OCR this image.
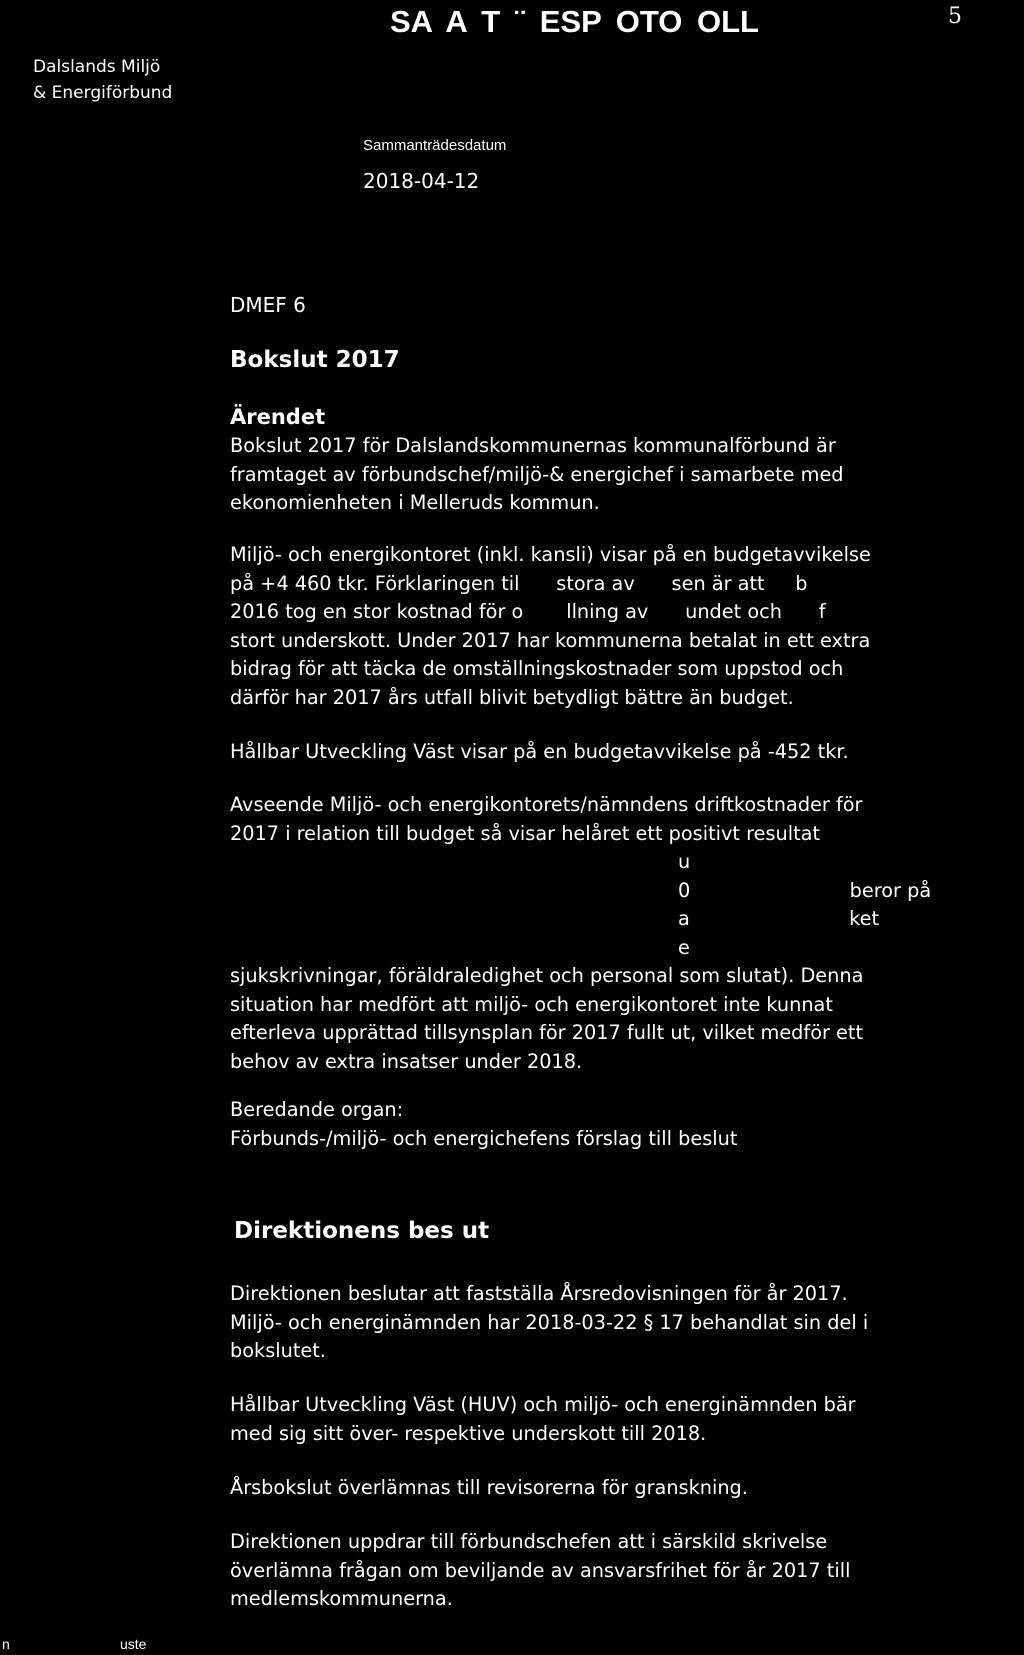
SA A T ¨ ESP OTO OLL	5
Dalslands Miljö
& Energiförbund
Sammanträdesdatum
2018-04-12
DMEF 6
Bokslut 2017
Ärendet
Bokslut 2017 för Dalslandskommunernas kommunalförbund är
framtaget av förbundschef/miljö-& energichef i samarbete med
ekonomienheten i Melleruds kommun.
Miljö- och energikontoret (inkl. kansli) visar på en budgetavvikelse
på +4 460 tkr. Förklaringen til      stora av      sen är att     b
2016 tog en stor kostnad för o       llning av      undet och      f
stort underskott. Under 2017 har kommunerna betalat in ett extra
bidrag för att täcka de omställningskostnader som uppstod och
därför har 2017 års utfall blivit betydligt bättre än budget.
Hållbar Utveckling Väst visar på en budgetavvikelse på -452 tkr.
Avseende Miljö- och energikontorets/nämndens driftkostnader för
2017 i relation till budget så visar helåret ett positivt resultat
u
0                          beror på
a                          ket
e
sjukskrivningar, föräldraledighet och personal som slutat). Denna
situation har medfört att miljö- och energikontoret inte kunnat
efterleva upprättad tillsynsplan för 2017 fullt ut, vilket medför ett
behov av extra insatser under 2018.
Beredande organ:
Förbunds-/miljö- och energichefens förslag till beslut
Direktionens bes ut
Direktionen beslutar att fastställa Årsredovisningen för år 2017.
Miljö- och energinämnden har 2018-03-22 § 17 behandlat sin del i
bokslutet.
Hållbar Utveckling Väst (HUV) och miljö- och energinämnden bär
med sig sitt över- respektive underskott till 2018.
Årsbokslut överlämnas till revisorerna för granskning.
Direktionen uppdrar till förbundschefen att i särskild skrivelse
överlämna frågan om beviljande av ansvarsfrihet för år 2017 till
medlemskommunerna.
n	uste
